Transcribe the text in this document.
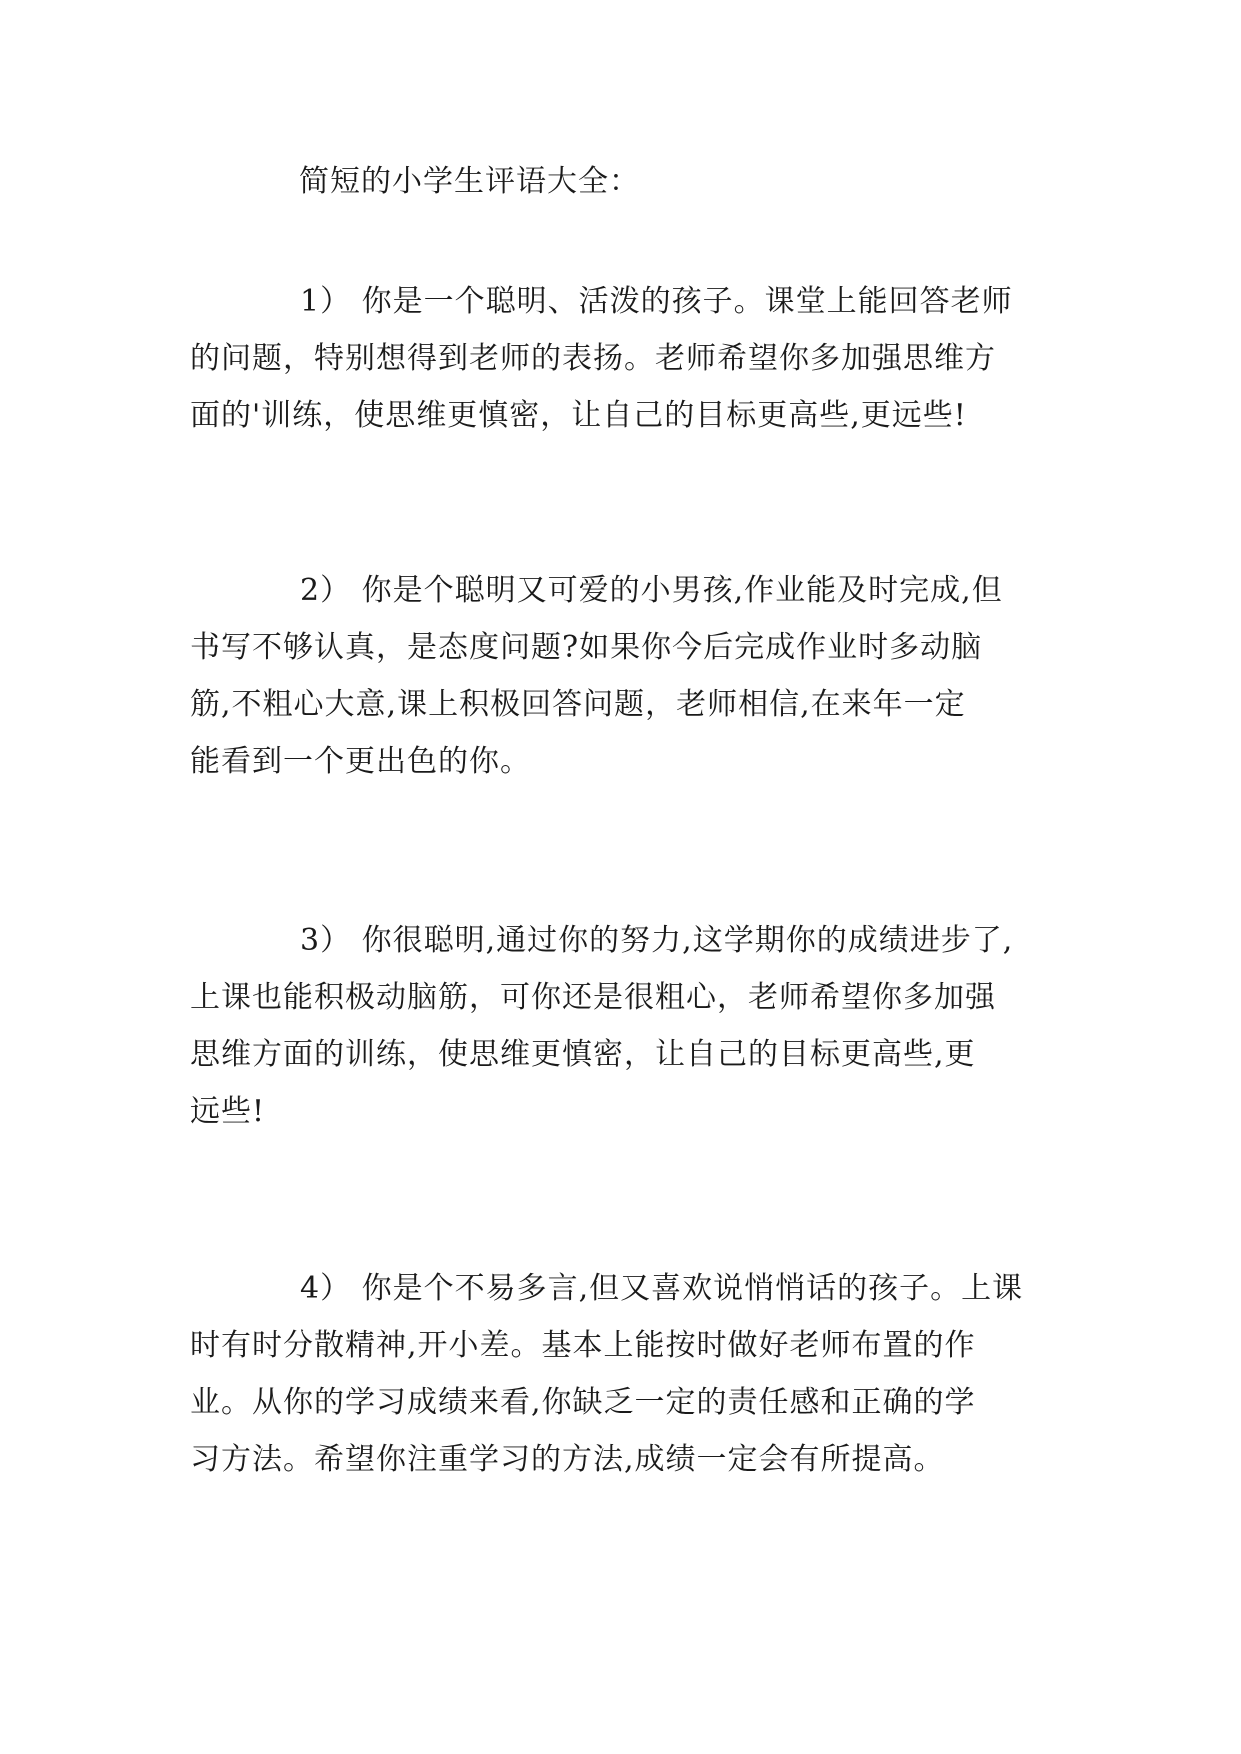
简短的小学生评语大全：
1） 你是一个聪明、活泼的孩子。课堂上能回答老师
的问题，特别想得到老师的表扬。老师希望你多加强思维方
面的'训练，使思维更慎密，让自己的目标更高些,更远些!
2） 你是个聪明又可爱的小男孩,作业能及时完成,但
书写不够认真，是态度问题?如果你今后完成作业时多动脑
筋,不粗心大意,课上积极回答问题，老师相信,在来年一定
能看到一个更出色的你。
3） 你很聪明,通过你的努力,这学期你的成绩进步了,
上课也能积极动脑筋，可你还是很粗心，老师希望你多加强
思维方面的训练，使思维更慎密，让自己的目标更高些,更
远些!
4） 你是个不易多言,但又喜欢说悄悄话的孩子。上课
时有时分散精神,开小差。基本上能按时做好老师布置的作
业。从你的学习成绩来看,你缺乏一定的责任感和正确的学
习方法。希望你注重学习的方法,成绩一定会有所提高。
